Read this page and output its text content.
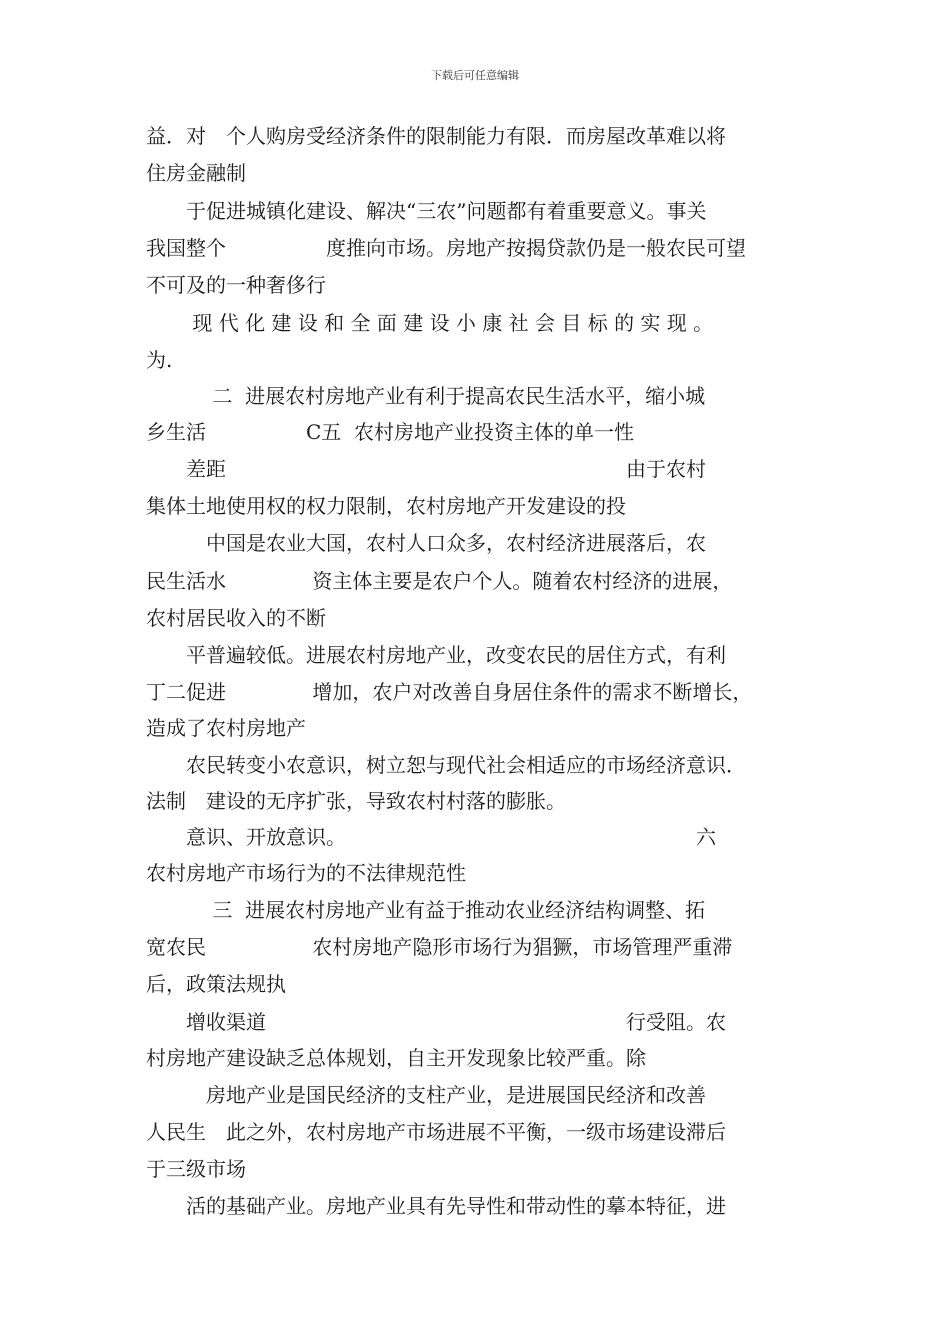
下载后可任意编辑
益．对　个人购房受经济条件的限制能力有限．而房屋改革难以将
住房金融制
　　于促进城镇化建设、解决“三农”问题都有着重要意义。事关
我国整个　　　　　度推向市场。房地产按揭贷款仍是一般农民可望
不可及的一种奢侈行
　　 现 代 化 建 设 和 全 面 建 设 小 康 社 会 目 标 的 实 现 。
为.
　　　 二  进展农村房地产业有利于提高农民生活水平，缩小城
乡生活　　　　　C五  农村房地产业投资主体的单一性
　　差距　　　　　　　　　　　　　　　　　　　　由于农村
集体土地使用权的权力限制，农村房地产开发建设的投
　　　中国是农业大国，农村人口众多，农村经济进展落后，农
民生活水　　　　 资主体主要是农户个人。随着农村经济的进展，
农村居民收入的不断
　　平普遍较低。进展农村房地产业，改变农民的居住方式，有利
丁二促进　　　　 增加，农户对改善自身居住条件的需求不断增长，
造成了农村房地产
　　农民转变小农意识，树立恕与现代社会相适应的市场经济意识．
法制　建设的无序扩张，导致农村村落的膨胀。
　　意识、开放意识。　　　　　　　　　　　　　　　　　　六
农村房地产市场行为的不法律规范性
　　　 三  进展农村房地产业有益于推动农业经济结构调整、拓
宽农民　　　　　 农村房地产隐形市场行为猖獗，市场管理严重滞
后，政策法规执
　　增收渠道　　　　　　　　　　　　　　　　　　行受阻。农
村房地产建设缺乏总体规划，自主开发现象比较严重。除
　　　房地产业是国民经济的支柱产业，是进展国民经济和改善
人民生　此之外，农村房地产市场进展不平衡，一级市场建设滞后
于三级市场
　　活的基础产业。房地产业具有先导性和带动性的摹本特征，进
